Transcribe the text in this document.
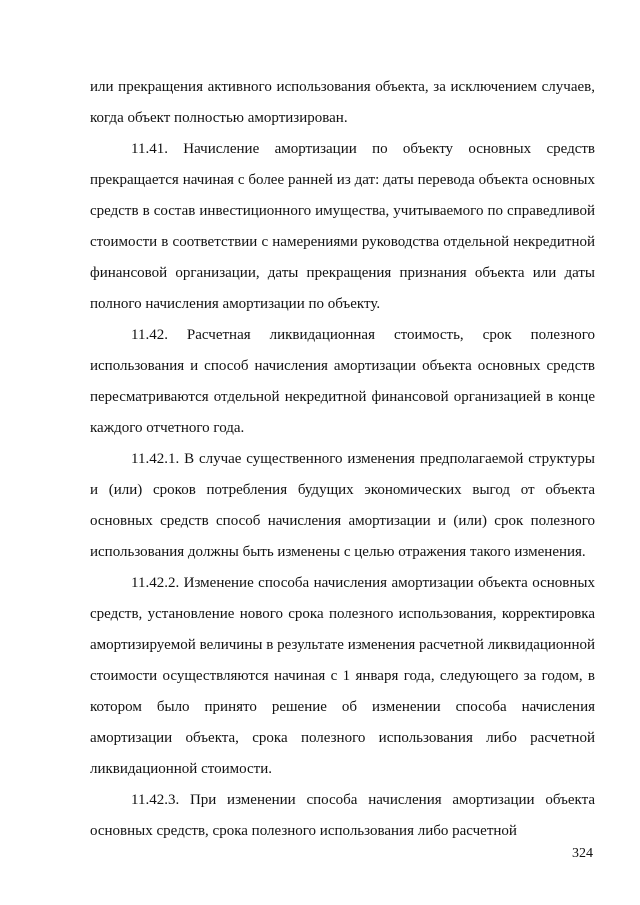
или прекращения активного использования объекта, за исключением случаев, когда объект полностью амортизирован.

11.41. Начисление амортизации по объекту основных средств прекращается начиная с более ранней из дат: даты перевода объекта основных средств в состав инвестиционного имущества, учитываемого по справедливой стоимости в соответствии с намерениями руководства отдельной некредитной финансовой организации, даты прекращения признания объекта или даты полного начисления амортизации по объекту.

11.42. Расчетная ликвидационная стоимость, срок полезного использования и способ начисления амортизации объекта основных средств пересматриваются отдельной некредитной финансовой организацией в конце каждого отчетного года.

11.42.1. В случае существенного изменения предполагаемой структуры и (или) сроков потребления будущих экономических выгод от объекта основных средств способ начисления амортизации и (или) срок полезного использования должны быть изменены с целью отражения такого изменения.

11.42.2. Изменение способа начисления амортизации объекта основных средств, установление нового срока полезного использования, корректировка амортизируемой величины в результате изменения расчетной ликвидационной стоимости осуществляются начиная с 1 января года, следующего за годом, в котором было принято решение об изменении способа начисления амортизации объекта, срока полезного использования либо расчетной ликвидационной стоимости.

11.42.3. При изменении способа начисления амортизации объекта основных средств, срока полезного использования либо расчетной

324
